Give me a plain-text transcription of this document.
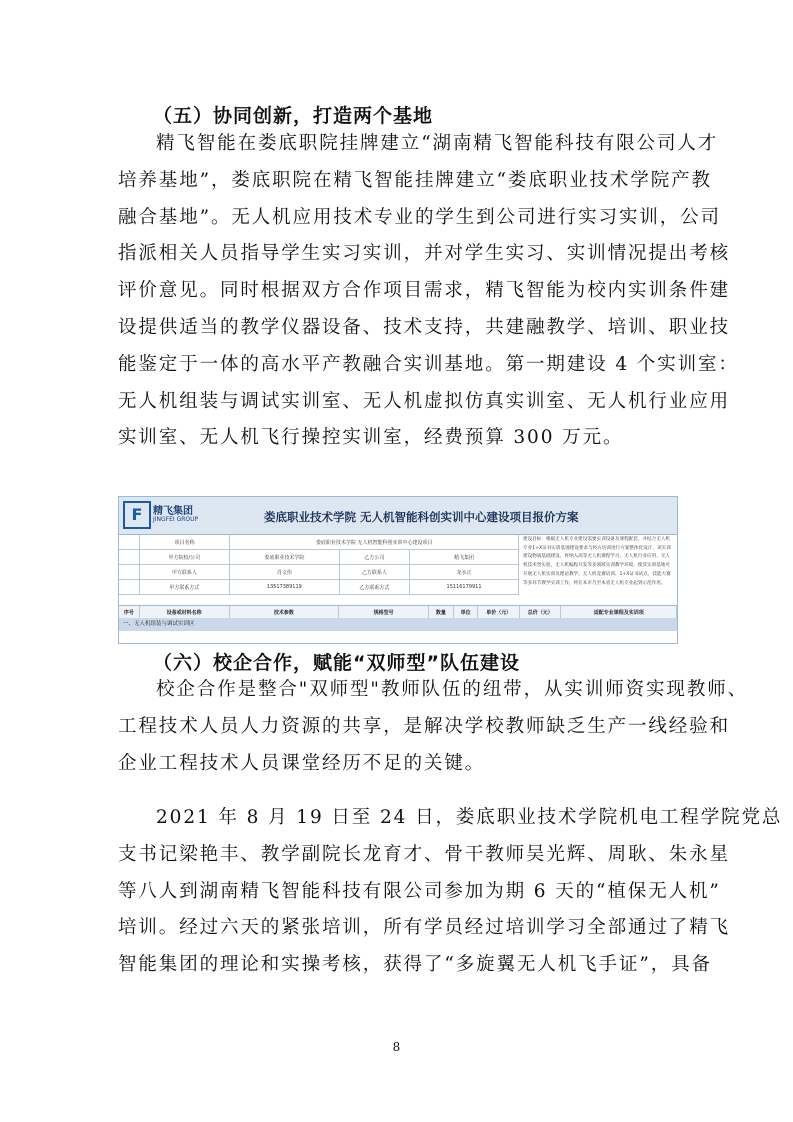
（五）协同创新，打造两个基地
精飞智能在娄底职院挂牌建立“湖南精飞智能科技有限公司人才
培养基地”，娄底职院在精飞智能挂牌建立“娄底职业技术学院产教
融合基地”。无人机应用技术专业的学生到公司进行实习实训，公司
指派相关人员指导学生实习实训，并对学生实习、实训情况提出考核
评价意见。同时根据双方合作项目需求，精飞智能为校内实训条件建
设提供适当的教学仪器设备、技术支持，共建融教学、培训、职业技
能鉴定于一体的高水平产教融合实训基地。第一期建设 4 个实训室：
无人机组装与调试实训室、无人机虚拟仿真实训室、无人机行业应用
实训室、无人机飞行操控实训室，经费预算 300 万元。
F	精飞集团
JINGFEI GROUP	娄底职业技术学院 无人机智能科创实训中心建设项目报价方案
项目名称	娄底职业技术学院 无人机智能科创实训中心建设项目
甲方院校/公司	娄底职业技术学院	乙方公司	精飞集团
甲方联系人	肖文伟	乙方联系人	龙水正
甲方联系方式	13517389119	乙方联系方式	15116179911
建设目标：根据无人机专业建设需要实训设备及课程配套，并结合无人机专业1+X证书实训基地建设要求与校方培训进行方案整体化设计，该实训建设物质基础建设，将纳入高等无人机课程学习、无人机行业应用、无人机技术型实验、无人机编程开发等多领域实训教学环境，使其实训基地可开展无人机实训及理论教学、无人机竞赛培训、1+X证书试点、技能大赛等多环节教学实训工作，将在本市乃至本省无人机专业起到示范作用。
序号	设备或材料名称	技术参数	规格型号	数量	单位	单价（元）	总价（元）	适配专业课程及实训项
一、无人机组装与调试实训区
（六）校企合作，赋能“双师型”队伍建设
校企合作是整合"双师型"教师队伍的纽带，从实训师资实现教师、
工程技术人员人力资源的共享，是解决学校教师缺乏生产一线经验和
企业工程技术人员课堂经历不足的关键。
2021 年 8 月 19 日至 24 日，娄底职业技术学院机电工程学院党总
支书记梁艳丰、教学副院长龙育才、骨干教师吴光辉、周耿、朱永星
等八人到湖南精飞智能科技有限公司参加为期 6 天的“植保无人机”
培训。经过六天的紧张培训，所有学员经过培训学习全部通过了精飞
智能集团的理论和实操考核，获得了“多旋翼无人机飞手证”，具备
8
